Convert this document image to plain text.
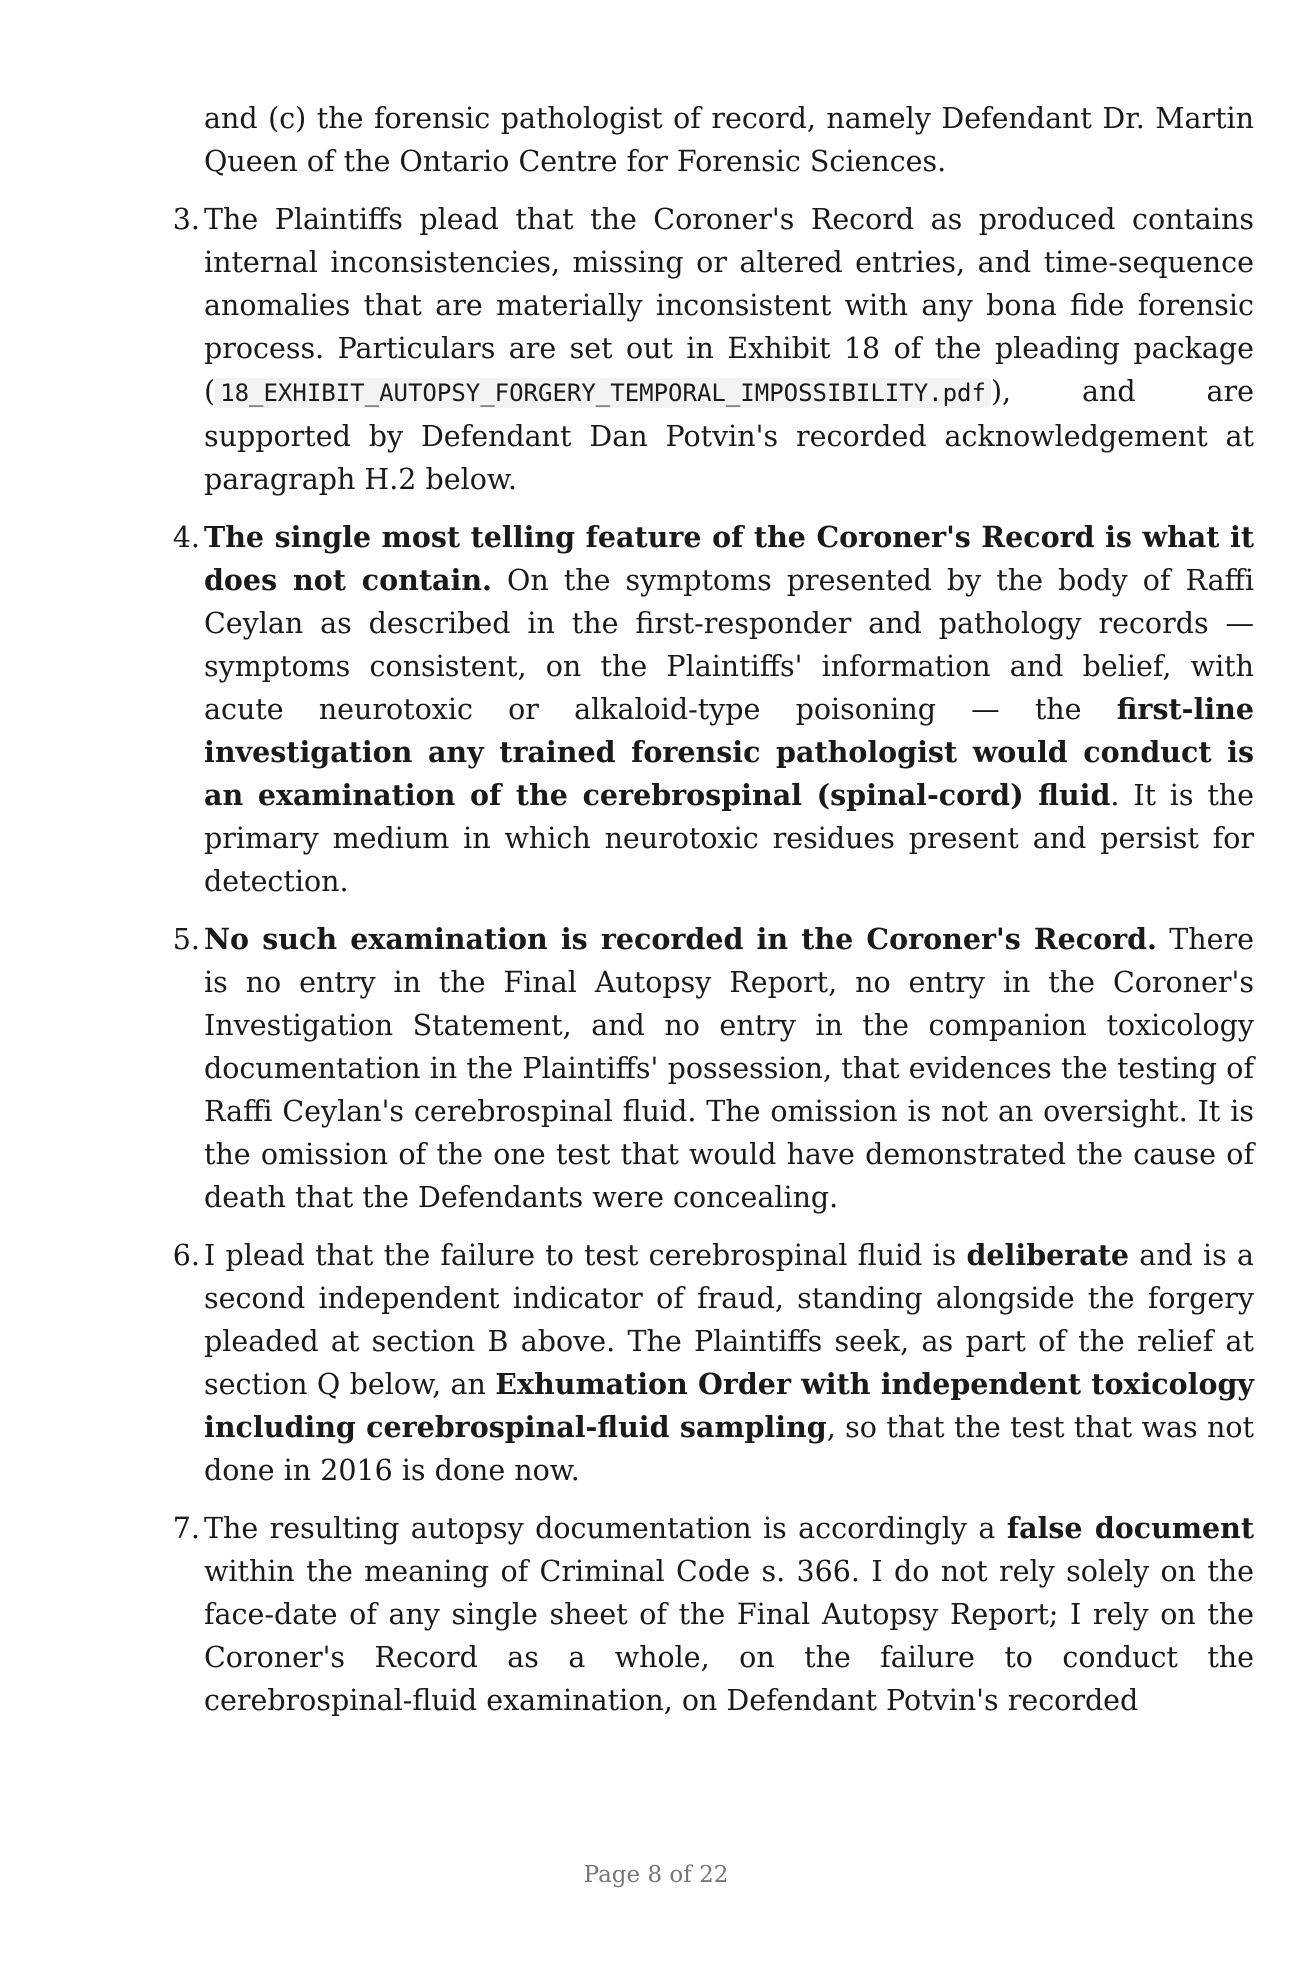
and (c) the forensic pathologist of record, namely Defendant Dr. Martin Queen of the Ontario Centre for Forensic Sciences.

3. The Plaintiffs plead that the Coroner's Record as produced contains internal inconsistencies, missing or altered entries, and time-sequence anomalies that are materially inconsistent with any bona fide forensic process. Particulars are set out in Exhibit 18 of the pleading package ( 18_EXHIBIT_AUTOPSY_FORGERY_TEMPORAL_IMPOSSIBILITY.pdf ), and are supported by Defendant Dan Potvin's recorded acknowledgement at paragraph H.2 below.

4. The single most telling feature of the Coroner's Record is what it does not contain. On the symptoms presented by the body of Raffi Ceylan as described in the first-responder and pathology records — symptoms consistent, on the Plaintiffs' information and belief, with acute neurotoxic or alkaloid-type poisoning — the first-line investigation any trained forensic pathologist would conduct is an examination of the cerebrospinal (spinal-cord) fluid. It is the primary medium in which neurotoxic residues present and persist for detection.

5. No such examination is recorded in the Coroner's Record. There is no entry in the Final Autopsy Report, no entry in the Coroner's Investigation Statement, and no entry in the companion toxicology documentation in the Plaintiffs' possession, that evidences the testing of Raffi Ceylan's cerebrospinal fluid. The omission is not an oversight. It is the omission of the one test that would have demonstrated the cause of death that the Defendants were concealing.

6. I plead that the failure to test cerebrospinal fluid is deliberate and is a second independent indicator of fraud, standing alongside the forgery pleaded at section B above. The Plaintiffs seek, as part of the relief at section Q below, an Exhumation Order with independent toxicology including cerebrospinal-fluid sampling, so that the test that was not done in 2016 is done now.

7. The resulting autopsy documentation is accordingly a false document within the meaning of Criminal Code s. 366. I do not rely solely on the face-date of any single sheet of the Final Autopsy Report; I rely on the Coroner's Record as a whole, on the failure to conduct the cerebrospinal-fluid examination, on Defendant Potvin's recorded

Page 8 of 22
